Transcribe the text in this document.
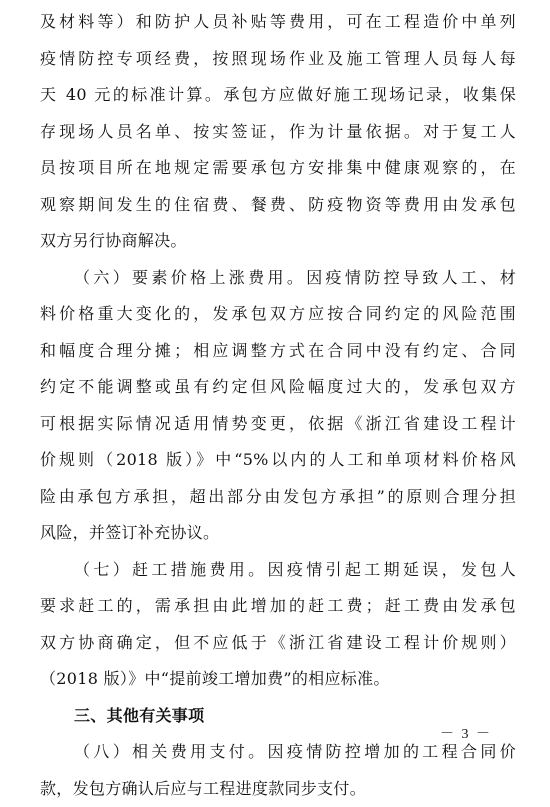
及材料等）和防护人员补贴等费用，可在工程造价中单列
疫情防控专项经费，按照现场作业及施工管理人员每人每
天 40 元的标准计算。承包方应做好施工现场记录，收集保
存现场人员名单、按实签证，作为计量依据。对于复工人
员按项目所在地规定需要承包方安排集中健康观察的，在
观察期间发生的住宿费、餐费、防疫物资等费用由发承包
双方另行协商解决。
（六）要素价格上涨费用。因疫情防控导致人工、材
料价格重大变化的，发承包双方应按合同约定的风险范围
和幅度合理分摊；相应调整方式在合同中没有约定、合同
约定不能调整或虽有约定但风险幅度过大的，发承包双方
可根据实际情况适用情势变更，依据《浙江省建设工程计
价规则（2018 版）》中“5%以内的人工和单项材料价格风
险由承包方承担，超出部分由发包方承担”的原则合理分担
风险，并签订补充协议。
（七）赶工措施费用。因疫情引起工期延误，发包人
要求赶工的，需承担由此增加的赶工费；赶工费由发承包
双方协商确定，但不应低于《浙江省建设工程计价规则）
（2018 版）》中“提前竣工增加费”的相应标准。
三、其他有关事项
（八）相关费用支付。因疫情防控增加的工程合同价
款，发包方确认后应与工程进度款同步支付。
－ 3 －
